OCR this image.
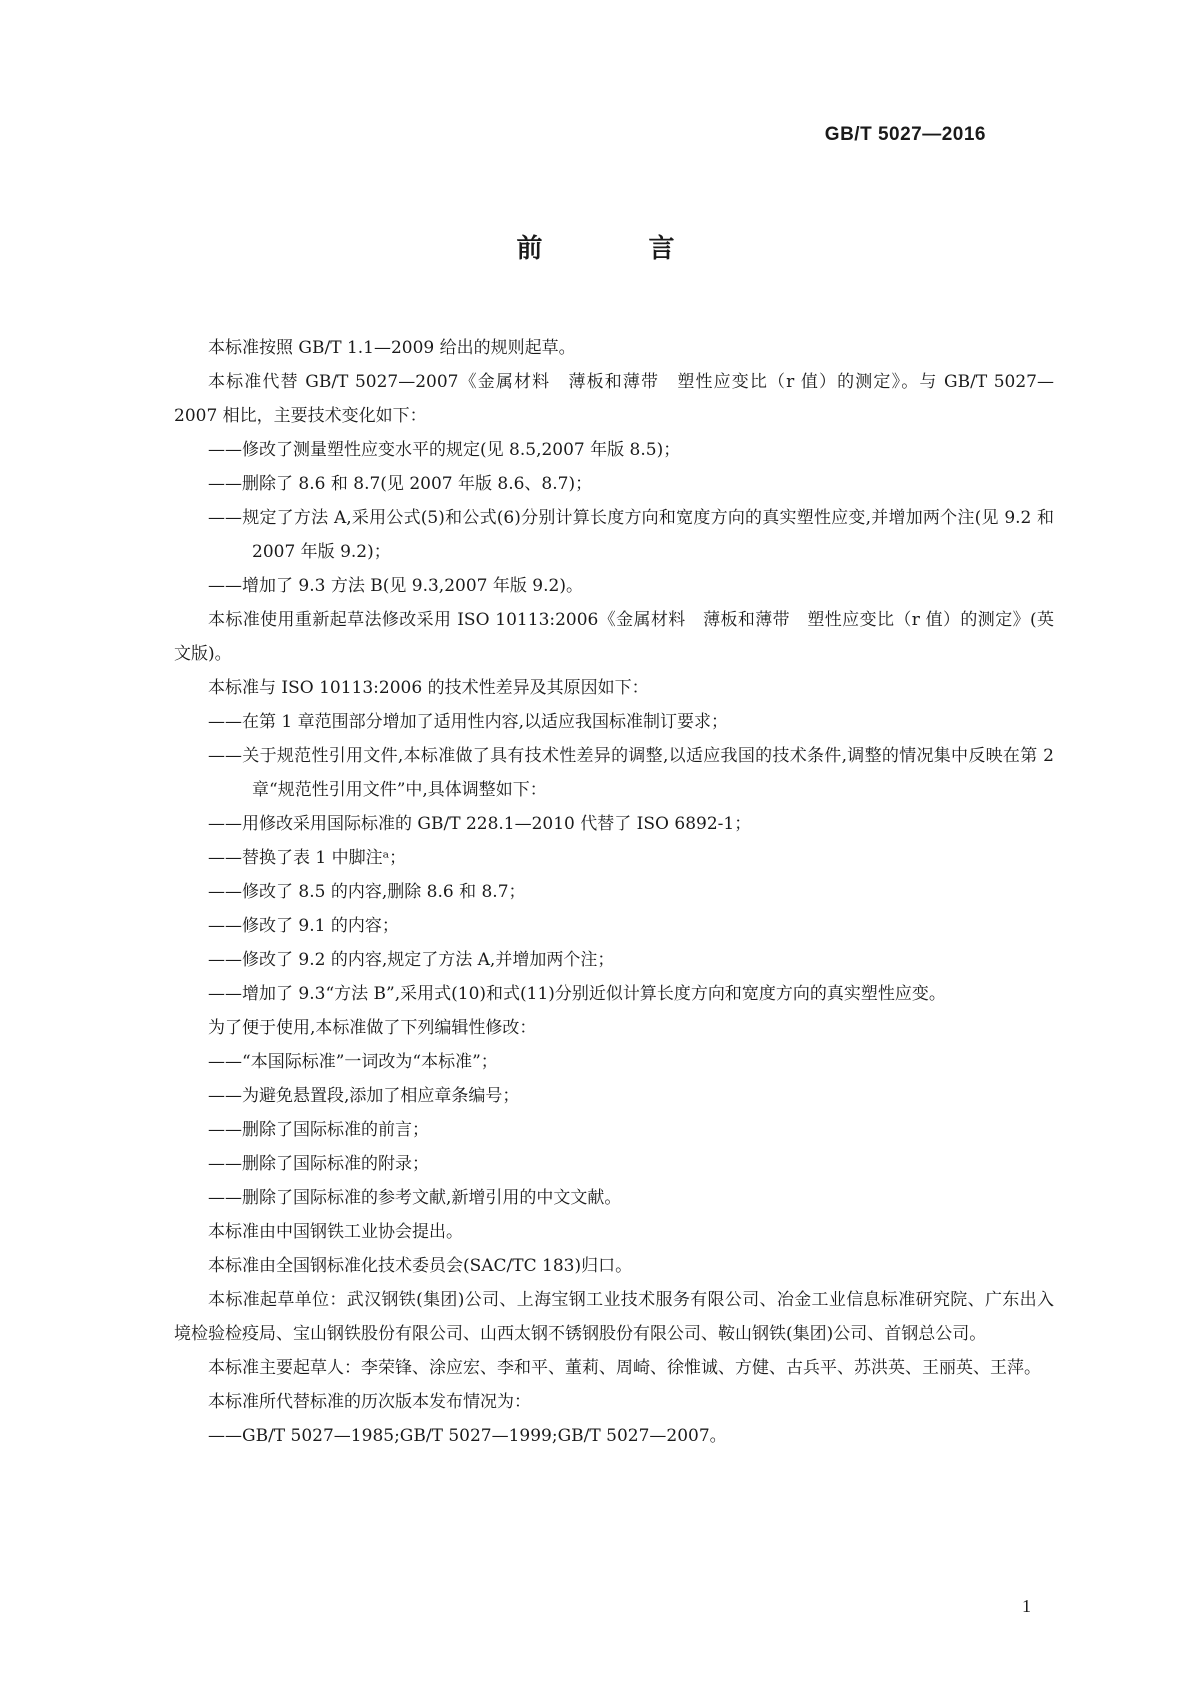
GB/T 5027—2016

前　言

本标准按照 GB/T 1.1—2009 给出的规则起草。

本标准代替 GB/T 5027—2007《金属材料　薄板和薄带　塑性应变比（r 值）的测定》。与 GB/T 5027—2007 相比，主要技术变化如下：

——修改了测量塑性应变水平的规定(见 8.5,2007 年版 8.5)；

——删除了 8.6 和 8.7(见 2007 年版 8.6、8.7)；

——规定了方法 A,采用公式(5)和公式(6)分别计算长度方向和宽度方向的真实塑性应变,并增加两个注(见 9.2 和 2007 年版 9.2)；

——增加了 9.3 方法 B(见 9.3,2007 年版 9.2)。

本标准使用重新起草法修改采用 ISO 10113:2006《金属材料　薄板和薄带　塑性应变比（r 值）的测定》(英文版)。

本标准与 ISO 10113:2006 的技术性差异及其原因如下：

——在第 1 章范围部分增加了适用性内容,以适应我国标准制订要求；

——关于规范性引用文件,本标准做了具有技术性差异的调整,以适应我国的技术条件,调整的情况集中反映在第 2 章“规范性引用文件”中,具体调整如下：

——用修改采用国际标准的 GB/T 228.1—2010 代替了 ISO 6892-1；

——替换了表 1 中脚注ᵃ；

——修改了 8.5 的内容,删除 8.6 和 8.7；

——修改了 9.1 的内容；

——修改了 9.2 的内容,规定了方法 A,并增加两个注；

——增加了 9.3“方法 B”,采用式(10)和式(11)分别近似计算长度方向和宽度方向的真实塑性应变。

为了便于使用,本标准做了下列编辑性修改：

——“本国际标准”一词改为“本标准”；

——为避免悬置段,添加了相应章条编号；

——删除了国际标准的前言；

——删除了国际标准的附录；

——删除了国际标准的参考文献,新增引用的中文文献。

本标准由中国钢铁工业协会提出。

本标准由全国钢标准化技术委员会(SAC/TC 183)归口。

本标准起草单位：武汉钢铁(集团)公司、上海宝钢工业技术服务有限公司、冶金工业信息标准研究院、广东出入境检验检疫局、宝山钢铁股份有限公司、山西太钢不锈钢股份有限公司、鞍山钢铁(集团)公司、首钢总公司。

本标准主要起草人：李荣锋、涂应宏、李和平、董莉、周崎、徐惟诚、方健、古兵平、苏洪英、王丽英、王萍。

本标准所代替标准的历次版本发布情况为：

——GB/T 5027—1985;GB/T 5027—1999;GB/T 5027—2007。

1
